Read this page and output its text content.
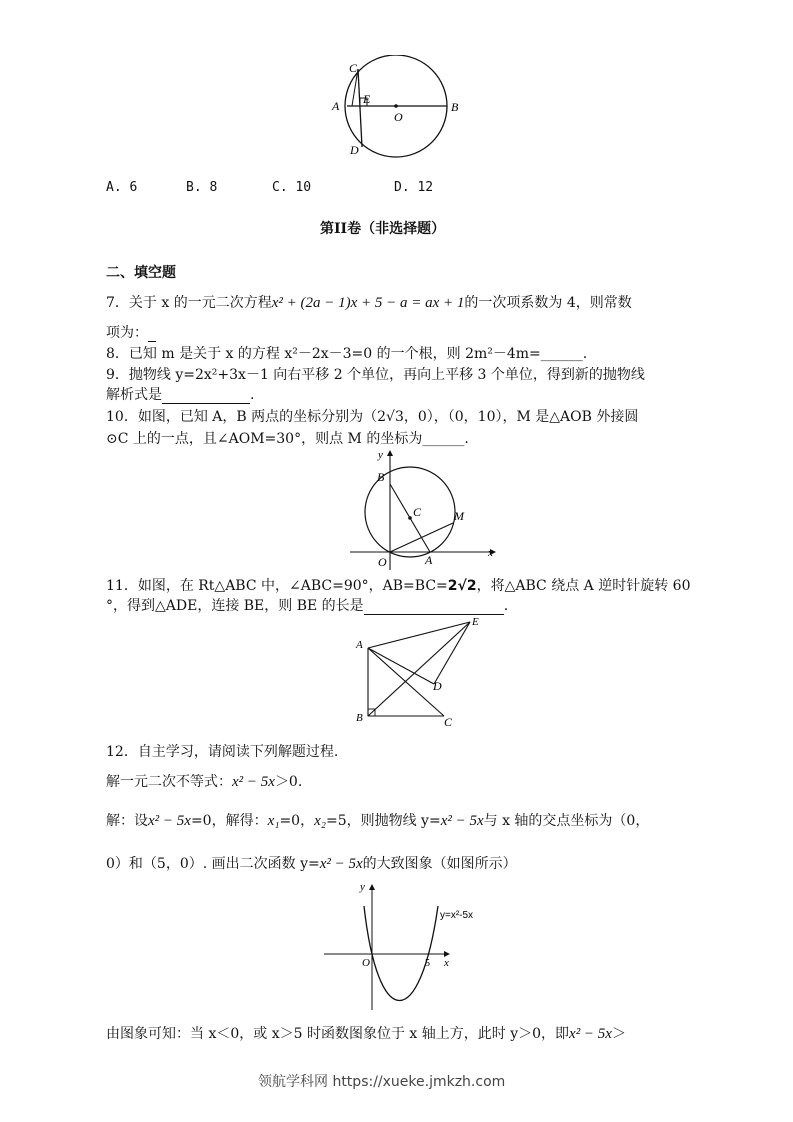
C
A E
O
B
D
A. 6	B. 8	C. 10	D. 12
第II卷（非选择题）
二、填空题
7．关于 x 的一元二次方程x² + (2a − 1)x + 5 − a = ax + 1的一次项系数为 4，则常数
项为：
8．已知 m 是关于 x 的方程 x²－2x－3=0 的一个根，则 2m²－4m=______.
9．抛物线 y=2x²+3x－1 向右平移 2 个单位，再向上平移 3 个单位，得到新的抛物线
解析式是	.
10．如图，已知 A，B 两点的坐标分别为（2√3，0），（0，10），M 是△AOB 外接圆
⊙C 上的一点，且∠AOM=30°，则点 M 的坐标为______.
y
B
C	M
O	A	x
11．如图，在 Rt△ABC 中，∠ABC=90°，AB=BC=2√2，将△ABC 绕点 A 逆时针旋转 60
°，得到△ADE，连接 BE，则 BE 的长是	.
A
E
D
B	C
12．自主学习，请阅读下列解题过程.
解一元二次不等式：x² − 5x＞0.
解：设x² − 5x=0，解得：x₁=0，x₂=5，则抛物线 y=x² − 5x与 x 轴的交点坐标为（0，
0）和（5，0）. 画出二次函数 y=x² − 5x的大致图象（如图所示）
y
y=x²-5x
O	5 x
由图象可知：当 x＜0，或 x＞5 时函数图象位于 x 轴上方，此时 y＞0，即x² − 5x＞
领航学科网 https://xueke.jmkzh.com
